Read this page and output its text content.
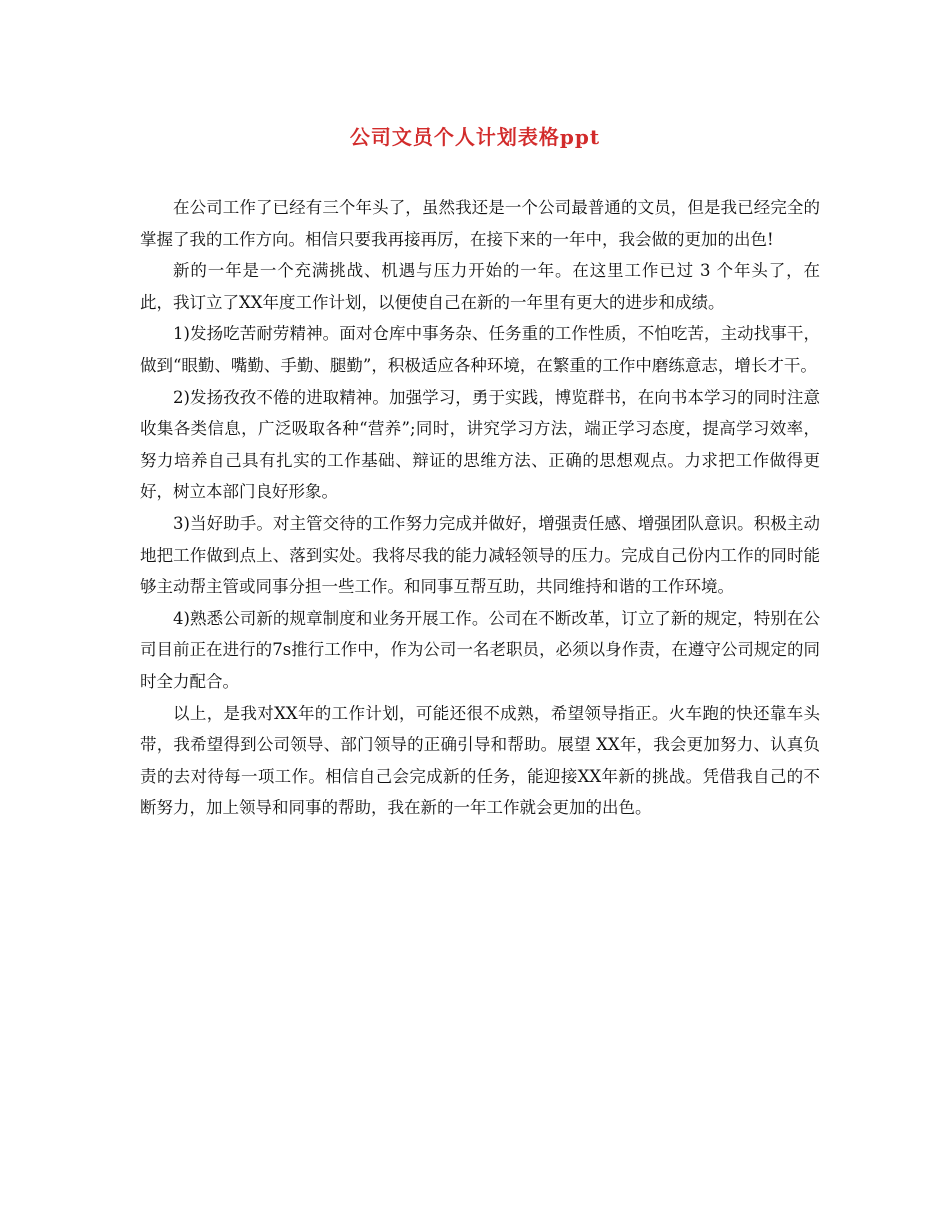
公司文员个人计划表格ppt

在公司工作了已经有三个年头了，虽然我还是一个公司最普通的文员，但是我已经完全的掌握了我的工作方向。相信只要我再接再厉，在接下来的一年中，我会做的更加的出色!

新的一年是一个充满挑战、机遇与压力开始的一年。在这里工作已过 3 个年头了，在此，我订立了XX年度工作计划，以便使自己在新的一年里有更大的进步和成绩。

1)发扬吃苦耐劳精神。面对仓库中事务杂、任务重的工作性质，不怕吃苦，主动找事干，做到“眼勤、嘴勤、手勤、腿勤”，积极适应各种环境，在繁重的工作中磨练意志，增长才干。

2)发扬孜孜不倦的进取精神。加强学习，勇于实践，博览群书，在向书本学习的同时注意收集各类信息，广泛吸取各种“营养”;同时，讲究学习方法，端正学习态度，提高学习效率，努力培养自己具有扎实的工作基础、辩证的思维方法、正确的思想观点。力求把工作做得更好，树立本部门良好形象。

3)当好助手。对主管交待的工作努力完成并做好，增强责任感、增强团队意识。积极主动地把工作做到点上、落到实处。我将尽我的能力减轻领导的压力。完成自己份内工作的同时能够主动帮主管或同事分担一些工作。和同事互帮互助，共同维持和谐的工作环境。

4)熟悉公司新的规章制度和业务开展工作。公司在不断改革，订立了新的规定，特别在公司目前正在进行的7s推行工作中，作为公司一名老职员，必须以身作责，在遵守公司规定的同时全力配合。

以上，是我对XX年的工作计划，可能还很不成熟，希望领导指正。火车跑的快还靠车头带，我希望得到公司领导、部门领导的正确引导和帮助。展望 XX年，我会更加努力、认真负责的去对待每一项工作。相信自己会完成新的任务，能迎接XX年新的挑战。凭借我自己的不断努力，加上领导和同事的帮助，我在新的一年工作就会更加的出色。
